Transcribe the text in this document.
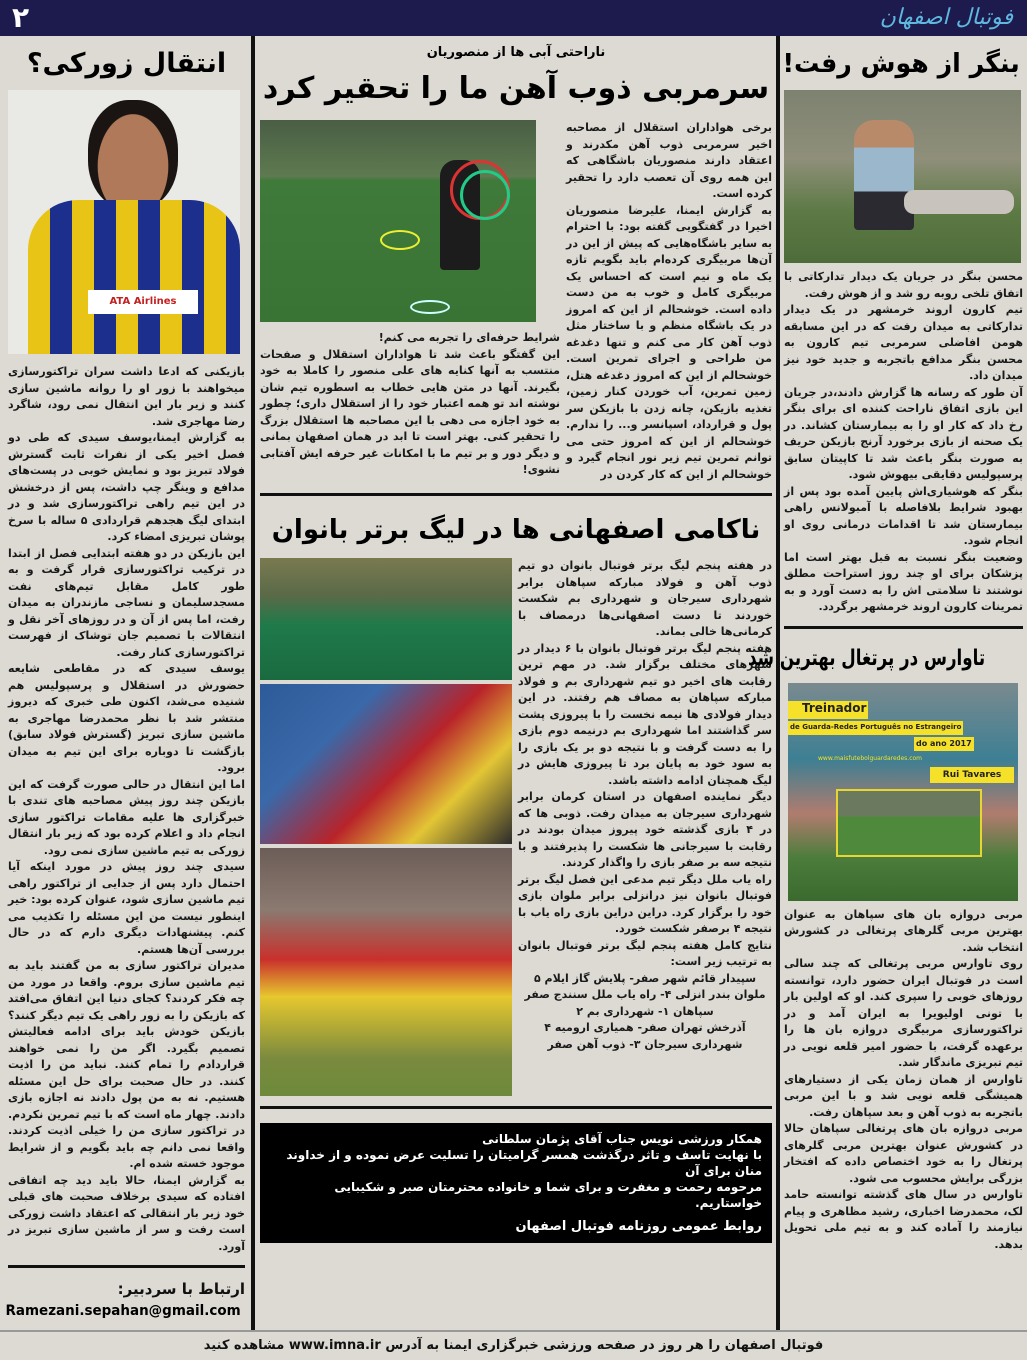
۲	فوتبال اصفهان
انتقال زورکی؟
ATA Airlines

بازیکنی که ادعا داشت سران تراکتورسازی میخواهند با زور او را روانه ماشین سازی کنند و زیر بار این انتقال نمی رود، شاگرد رضا مهاجری شد.

به گزارش ایمنا،یوسف سیدی که طی دو فصل اخیر یکی از نفرات ثابت گسترش فولاد تبریز بود و نمایش خوبی در پست‌های مدافع و وینگر چپ داشت، پس از درخشش در این تیم راهی تراکتورسازی شد و در ابتدای لیگ هجدهم قراردادی ۵ ساله با سرخ پوشان تبریزی امضاء کرد.

این بازیکن در دو هفته ابتدایی فصل از ابتدا در ترکیب تراکتورسازی قرار گرفت و به طور کامل مقابل تیم‌های نفت مسجدسلیمان و نساجی مازندران به میدان رفت، اما پس از آن و در روزهای آخر نقل و انتقالات با تصمیم جان توشاک از فهرست تراکتورسازی کنار رفت.

یوسف سیدی که در مقاطعی شایعه حضورش در استقلال و پرسپولیس هم شنیده می‌شد، اکنون طی خبری که دیروز منتشر شد با نظر محمدرضا مهاجری به ماشین سازی تبریز (گسترش فولاد سابق) بازگشت تا دوباره برای این تیم به میدان برود.

اما این انتقال در حالی صورت گرفت که این بازیکن چند روز پیش مصاحبه های تندی با خبرگزاری ها علیه مقامات تراکتور سازی انجام داد و اعلام کرده بود که زیر بار انتقال زورکی به تیم ماشین سازی نمی رود.

سیدی چند روز پیش در مورد اینکه آیا احتمال دارد پس از جدایی از تراکتور راهی تیم ماشین سازی شود، عنوان کرده بود: خیر اینطور نیست من این مسئله را تکذیب می کنم. پیشنهادات دیگری دارم که در حال بررسی آن‌ها هستم.

مدیران تراکتور سازی به من گفتند باید به تیم ماشین سازی بروم. واقعا در مورد من چه فکر کردند؟ کجای دنیا این اتفاق می‌افتد که بازیکن را به زور راهی یک تیم دیگر کنند؟ بازیکن خودش باید برای ادامه فعالیتش تصمیم بگیرد. اگر من را نمی خواهند قراردادم را تمام کنند. نباید من را اذیت کنند. در حال صحبت برای حل این مسئله هستیم. نه به من پول دادند نه اجازه بازی دادند. چهار ماه است که با تیم تمرین نکردم. در تراکتور سازی من را خیلی اذیت کردند. واقعا نمی دانم چه باید بگویم و از شرایط موجود خسته شده ام.

به گزارش ایمنا، حالا باید دید چه اتفاقی افتاده که سیدی برخلاف صحبت های قبلی خود زیر بار انتقالی که اعتقاد داشت زورکی است رفت و سر از ماشین سازی تبریز در آورد.

ارتباط با سردبیر:
Ramezani.sepahan@gmail.com
ناراحتی آبی ها از منصوریان
سرمربی ذوب آهن ما را تحقیر کرد

شرایط حرفه‌ای را تجربه می کنم!

این گفتگو باعث شد تا هواداران استقلال و صفحات منتسب به آنها کنایه های علی منصور را کاملا به خود بگیرند. آنها در متن هایی خطاب به اسطوره تیم شان نوشته اند تو همه اعتبار خود را از استقلال داری؛ چطور به خود اجازه می دهی با این مصاحبه ها استقلال بزرگ را تحقیر کنی. بهتر است تا ابد در همان اصفهان بمانی و دیگر دور و بر تیم ما با امکانات غیر حرفه ایش آفتابی نشوی!

برخی هواداران استقلال از مصاحبه اخیر سرمربی ذوب آهن مکدرند و اعتقاد دارند منصوریان باشگاهی که این همه روی آن تعصب دارد را تحقیر کرده است.

به گزارش ایمنا، علیرضا منصوریان اخیرا در گفتگویی گفته بود: با احترام به سایر باشگاه‌هایی که پیش از این در آن‌ها مربیگری کرده‌ام باید بگویم تازه یک ماه و نیم است که احساس یک مربیگری کامل و خوب به من دست داده است. خوشحالم از این که امروز در یک باشگاه منظم و با ساختار مثل ذوب آهن کار می کنم و تنها دغدغه من طراحی و اجرای تمرین است. خوشحالم از این که امروز دغدغه هتل، زمین تمرین، آب خوردن کنار زمین، تغذیه بازیکن، چانه زدن با بازیکن سر پول و قرارداد، اسپانسر و... را ندارم. خوشحالم از این که امروز حتی می توانم تمرین تیم زیر نور انجام گیرد و خوشحالم از این که کار کردن در

ناکامی اصفهانی ها در لیگ برتر بانوان

در هفته پنجم لیگ برتر فوتبال بانوان دو تیم ذوب آهن و فولاد مبارکه سپاهان برابر شهرداری سیرجان و شهرداری بم شکست خوردند تا دست اصفهانی‌ها درمصاف با کرمانی‌ها خالی بماند.

هفته پنجم لیگ برتر فوتبال بانوان با ۶ دیدار در شهرهای مختلف برگزار شد. در مهم ترین رقابت های اخیر دو تیم شهرداری بم و فولاد مبارکه سپاهان به مصاف هم رفتند. در این دیدار فولادی ها نیمه نخست را با پیروزی پشت سر گذاشتند اما شهرداری بم درنیمه دوم بازی را به دست گرفت و با نتیجه دو بر یک بازی را به سود خود به پایان برد تا پیروزی هایش در لیگ همچنان ادامه داشته باشد.

دیگر نماینده اصفهان در استان کرمان برابر شهرداری سیرجان به میدان رفت. ذوبی ها که در ۴ بازی گذشته خود پیروز میدان بودند در رقابت با سیرجانی ها شکست را پذیرفتند و با نتیجه سه بر صفر بازی را واگذار کردند.

راه یاب ملل دیگر تیم مدعی این فصل لیگ برتر فوتبال بانوان نیز درانزلی برابر ملوان بازی خود را برگزار کرد. دراین دراین بازی راه یاب با نتیجه ۴ برصفر شکست خورد.

نتایج کامل هفته پنجم لیگ برتر فوتبال بانوان به ترتیب زیر است:

سپیدار قائم شهر صفر- پلایش گاز ایلام ۵

ملوان بندر انزلی ۴- راه یاب ملل سنندج صفر

سپاهان ۱- شهرداری بم ۲

آذرخش تهران صفر- همیاری ارومیه ۴

شهرداری سیرجان ۳- ذوب آهن صفر

همکار ورزشی نویس جناب آقای پژمان سلطانی
با نهایت تاسف و تاثر درگذشت همسر گرامیتان را تسلیت عرض نموده و از خداوند منان برای آن
مرحومه رحمت و مغفرت و برای شما و خانواده محترمتان صبر و شکیبایی خواستاریم.
روابط عمومی روزنامه فوتبال اصفهان
بنگر از هوش رفت!

محسن بنگر در جریان یک دیدار تدارکاتی با اتفاق تلخی روبه رو شد و از هوش رفت.

تیم کارون اروند خرمشهر در یک دیدار تدارکاتی به میدان رفت که در این مسابقه هومن افاضلی سرمربی تیم کارون به محسن بنگر مدافع باتجربه و جدید خود نیز میدان داد.

آن طور که رسانه ها گزارش دادند،در جریان این بازی اتفاق ناراحت کننده ای برای بنگر رخ داد که کار او را به بیمارستان کشاند. در یک صحنه از بازی برخورد آرنج بازیکن حریف به صورت بنگر باعث شد تا کاپیتان سابق پرسپولیس دقایقی بیهوش شود.

بنگر که هوشیاری‌اش پایین آمده بود پس از بهبود شرایط بلافاصله با آمبولانس راهی بیمارستان شد تا اقدامات درمانی روی او انجام شود.

وضعیت بنگر نسبت به قبل بهتر است اما پزشکان برای او چند روز استراحت مطلق نوشتند تا سلامتی اش را به دست آورد و به تمرینات کارون اروند خرمشهر برگردد.

تاوارس در پرتغال بهترین شد
Treinador
de Guarda-Redes Português no Estrangeiro
do ano 2017
www.maisfutebolguardaredes.com
Rui Tavares

مربی دروازه بان های سپاهان به عنوان بهترین مربی گلرهای پرتغالی در کشورش انتخاب شد.

روی تاوارس مربی پرتغالی که چند سالی است در فوتبال ایران حضور دارد، توانسته روزهای خوبی را سپری کند. او که اولین بار با تونی اولیویرا به ایران آمد و در تراکتورسازی مربیگری دروازه بان ها را برعهده گرفت، با حضور امیر قلعه نویی در تیم تبریزی ماندگار شد.

تاوارس از همان زمان یکی از دستیارهای همیشگی قلعه نویی شد و با این مربی باتجربه به ذوب آهن و بعد سپاهان رفت.

مربی دروازه بان های پرتغالی سپاهان حالا در کشورش عنوان بهترین مربی گلرهای پرتغال را به خود اختصاص داده که افتخار بزرگی برایش محسوب می شود.

تاوارس در سال های گذشته توانسته حامد لک، محمدرضا اخباری، رشید مظاهری و پیام نیازمند را آماده کند و به تیم ملی تحویل بدهد.

فوتبال اصفهان را هر روز در صفحه ورزشی خبرگزاری ایمنا به آدرس www.imna.ir مشاهده کنید
